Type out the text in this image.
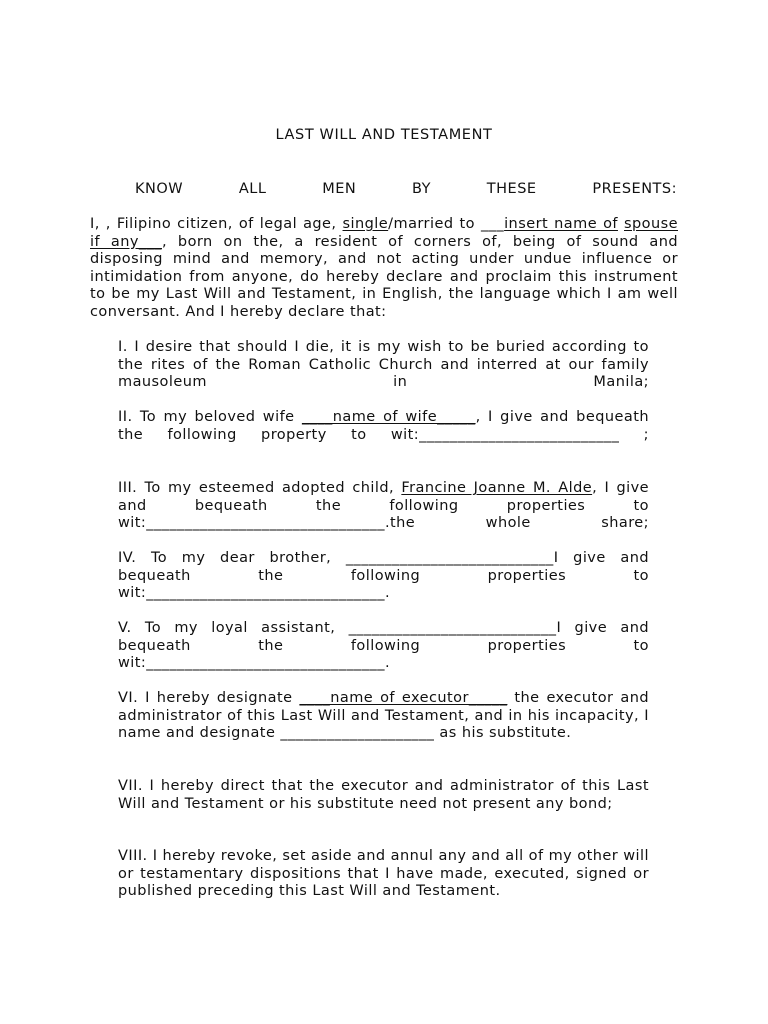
LAST WILL AND TESTAMENT
KNOW	ALL	MEN	BY	THESE	PRESENTS:

I, , Filipino citizen, of legal age, single/married to ___insert name of spouse if any___, born on the, a resident of corners of, being of sound and disposing mind and memory, and not acting under undue influence or intimidation from anyone, do hereby declare and proclaim this instrument to be my Last Will and Testament, in English, the language which I am well conversant. And I hereby declare that:

I. I desire that should I die, it is my wish to be buried according to the rites of the Roman Catholic Church and interred at our family mausoleum in Manila;

II. To my beloved wife ____name of wife_____, I give and bequeath the following property to wit:__________________________ ;

III. To my esteemed adopted child, Francine Joanne M. Alde, I give and bequeath the following properties to wit:_______________________________.the whole share;

IV. To my dear brother, ___________________________I give and bequeath the following properties to wit:_______________________________.

V. To my loyal assistant, ___________________________I give and bequeath the following properties to wit:_______________________________.

VI. I hereby designate ____name of executor_____ the executor and administrator of this Last Will and Testament, and in his incapacity, I name and designate ____________________ as his substitute.

VII. I hereby direct that the executor and administrator of this Last Will and Testament or his substitute need not present any bond;

VIII. I hereby revoke, set aside and annul any and all of my other will or testamentary dispositions that I have made, executed, signed or published preceding this Last Will and Testament.
